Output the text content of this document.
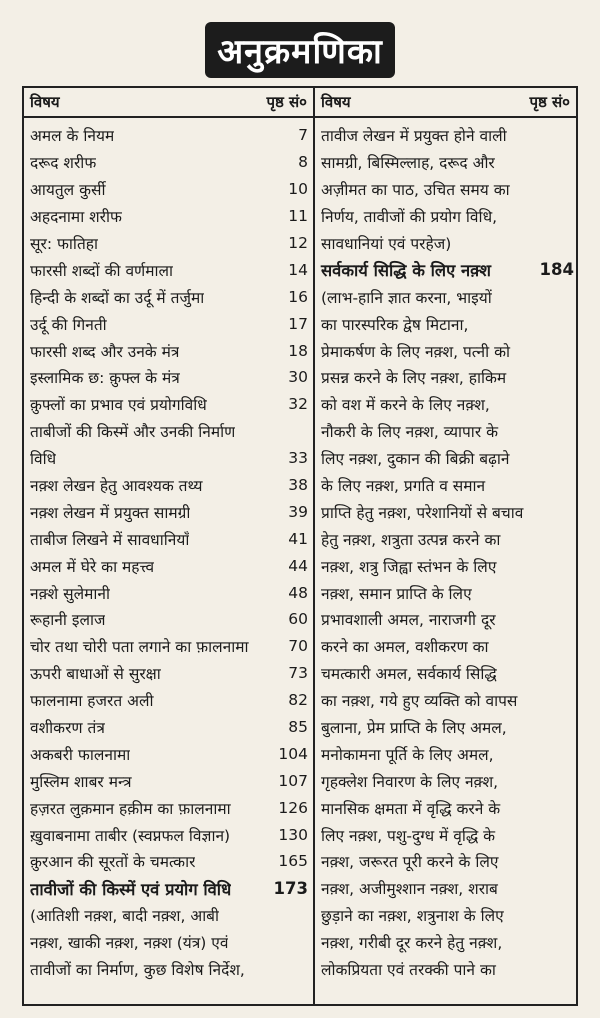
अनुक्रमणिका
विषय	पृष्ठ सं० विषय	पृष्ठ सं०
अमल के नियम	7
दरूद शरीफ	8
आयतुल कुर्सी	10
अहदनामा शरीफ	11
सूर: फातिहा	12
फारसी शब्दों की वर्णमाला	14
हिन्दी के शब्दों का उर्दू में तर्जुमा	16
उर्दू की गिनती	17
फारसी शब्द और उनके मंत्र	18
इस्लामिक छ: क़ुफ्ल के मंत्र	30
क़ुफ्लों का प्रभाव एवं प्रयोगविधि	32
ताबीजों की किस्में और उनकी निर्माण
विधि	33
नक़्श लेखन हेतु आवश्यक तथ्य	38
नक़्श लेखन में प्रयुक्त सामग्री	39
ताबीज लिखने में सावधानियाँ	41
अमल में घेरे का महत्त्व	44
नक़्शे सुलेमानी	48
रूहानी इलाज	60
चोर तथा चोरी पता लगाने का फ़ालनामा	70
ऊपरी बाधाओं से सुरक्षा	73
फालनामा हजरत अली	82
वशीकरण तंत्र	85
अकबरी फालनामा	104
मुस्लिम शाबर मन्त्र	107
हज़रत लुक़मान हक़ीम का फ़ालनामा	126
ख़ुवाबनामा ताबीर (स्वप्नफल विज्ञान)	130
क़ुरआन की सूरतों के चमत्कार	165
तावीजों की किस्में एवं प्रयोग विधि	173
(आतिशी नक़्श, बादी नक़्श, आबी
नक़्श, खाकी नक़्श, नक़्श (यंत्र) एवं
तावीजों का निर्माण, कुछ विशेष निर्देश,
तावीज लेखन में प्रयुक्त होने वाली
सामग्री, बिस्मिल्लाह, दरूद और
अज़ीमत का पाठ, उचित समय का
निर्णय, तावीजों की प्रयोग विधि,
सावधानियां एवं परहेज)
सर्वकार्य सिद्धि के लिए नक़्श	184
(लाभ-हानि ज्ञात करना, भाइयों
का पारस्परिक द्वेष मिटाना,
प्रेमाकर्षण के लिए नक़्श, पत्नी को
प्रसन्न करने के लिए नक़्श, हाकिम
को वश में करने के लिए नक़्श,
नौकरी के लिए नक़्श, व्यापार के
लिए नक़्श, दुकान की बिक्री बढ़ाने
के लिए नक़्श, प्रगति व समान
प्राप्ति हेतु नक़्श, परेशानियों से बचाव
हेतु नक़्श, शत्रुता उत्पन्न करने का
नक़्श, शत्रु जिह्वा स्तंभन के लिए
नक़्श, समान प्राप्ति के लिए
प्रभावशाली अमल, नाराजगी दूर
करने का अमल, वशीकरण का
चमत्कारी अमल, सर्वकार्य सिद्धि
का नक़्श, गये हुए व्यक्ति को वापस
बुलाना, प्रेम प्राप्ति के लिए अमल,
मनोकामना पूर्ति के लिए अमल,
गृहक्लेश निवारण के लिए नक़्श,
मानसिक क्षमता में वृद्धि करने के
लिए नक़्श, पशु-दुग्ध में वृद्धि के
नक़्श, जरूरत पूरी करने के लिए
नक़्श, अजीमुश्शान नक़्श, शराब
छुड़ाने का नक़्श, शत्रुनाश के लिए
नक़्श, गरीबी दूर करने हेतु नक़्श,
लोकप्रियता एवं तरक्की पाने का
